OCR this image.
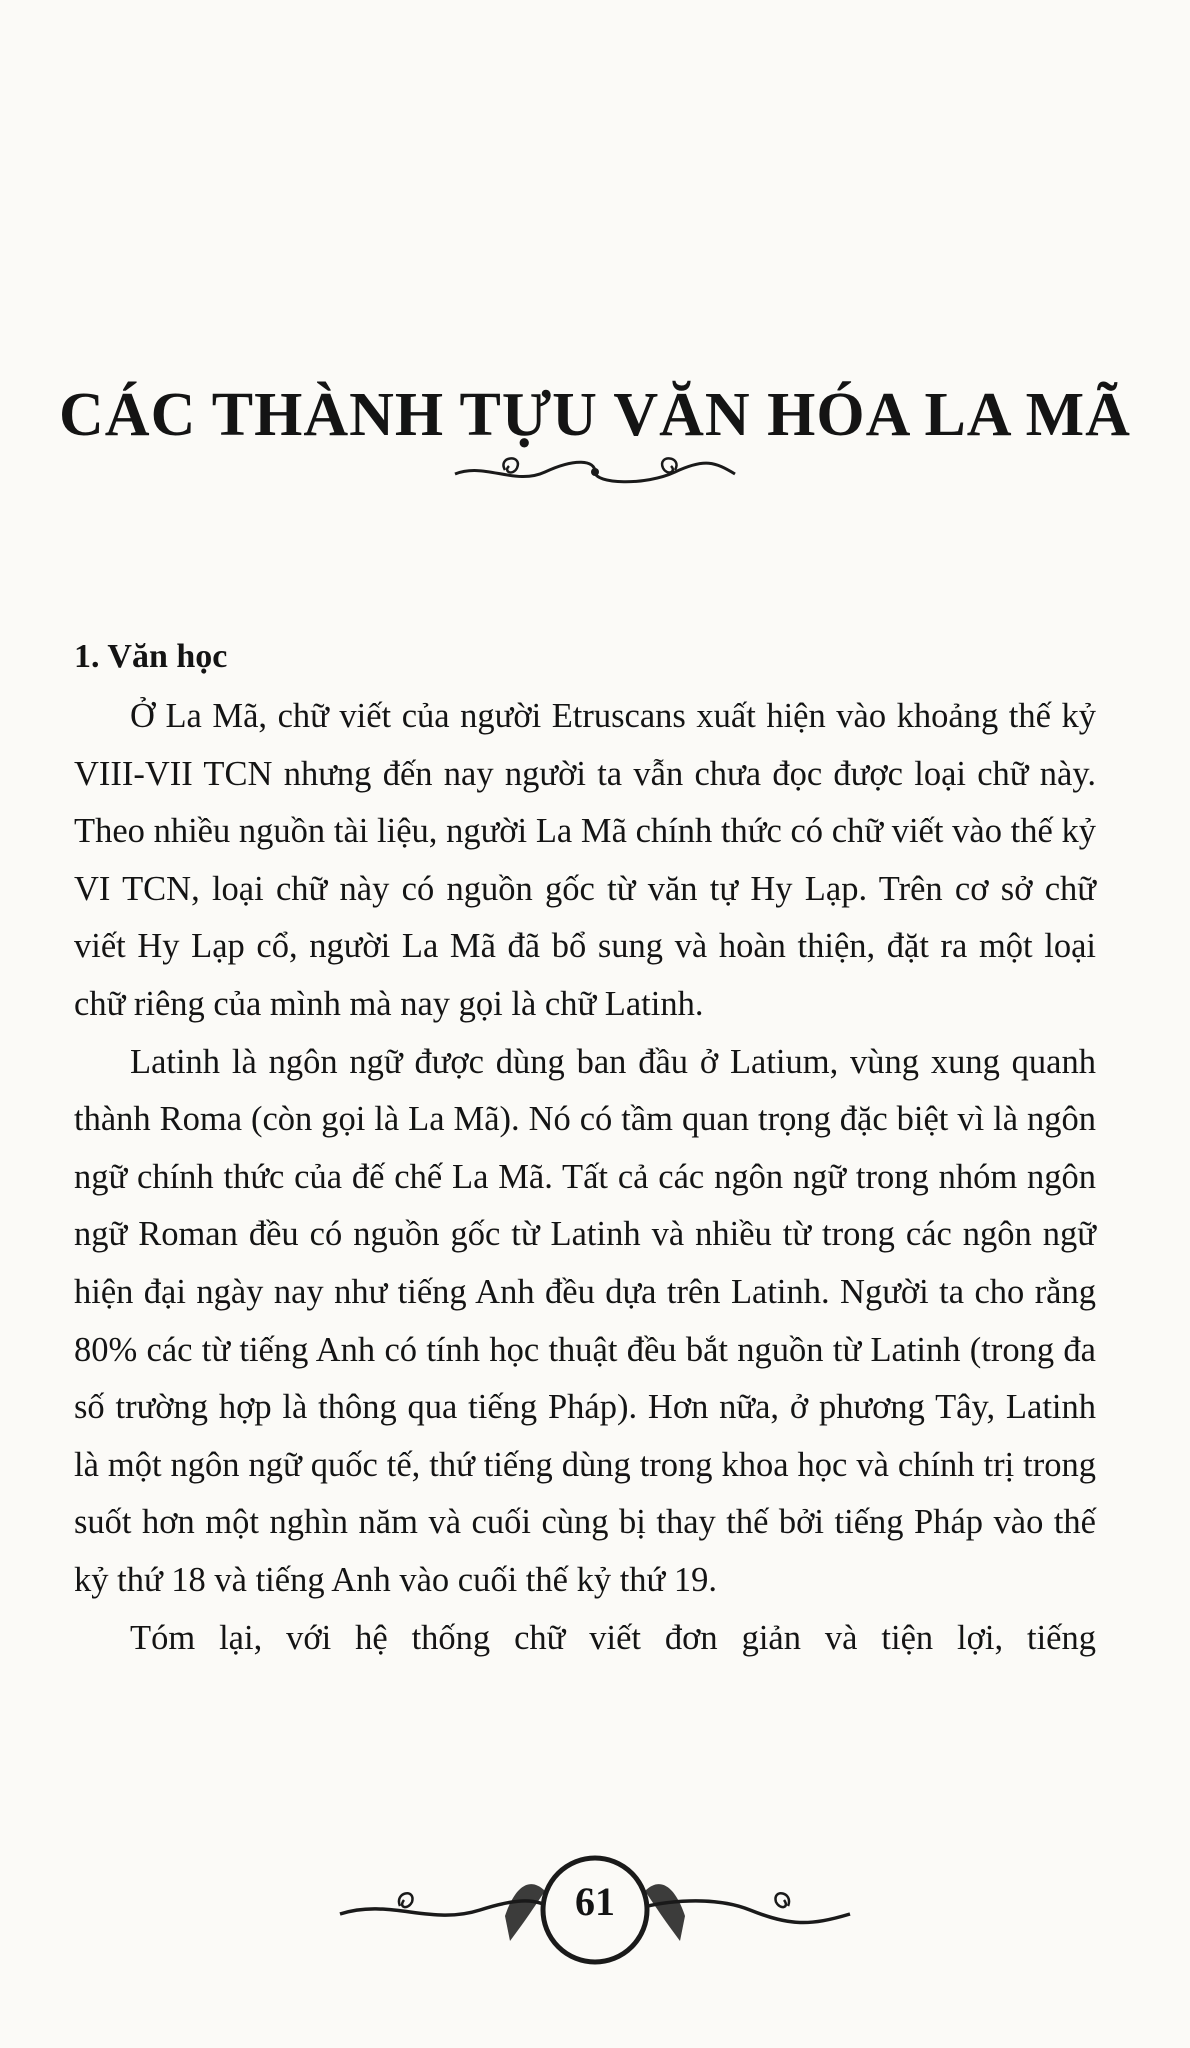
CÁC THÀNH TỰU VĂN HÓA LA MÃ
1. Văn học

Ở La Mã, chữ viết của người Etruscans xuất hiện vào khoảng thế kỷ VIII-VII TCN nhưng đến nay người ta vẫn chưa đọc được loại chữ này. Theo nhiều nguồn tài liệu, người La Mã chính thức có chữ viết vào thế kỷ VI TCN, loại chữ này có nguồn gốc từ văn tự Hy Lạp. Trên cơ sở chữ viết Hy Lạp cổ, người La Mã đã bổ sung và hoàn thiện, đặt ra một loại chữ riêng của mình mà nay gọi là chữ Latinh.

Latinh là ngôn ngữ được dùng ban đầu ở Latium, vùng xung quanh thành Roma (còn gọi là La Mã). Nó có tầm quan trọng đặc biệt vì là ngôn ngữ chính thức của đế chế La Mã. Tất cả các ngôn ngữ trong nhóm ngôn ngữ Roman đều có nguồn gốc từ Latinh và nhiều từ trong các ngôn ngữ hiện đại ngày nay như tiếng Anh đều dựa trên Latinh. Người ta cho rằng 80% các từ tiếng Anh có tính học thuật đều bắt nguồn từ Latinh (trong đa số trường hợp là thông qua tiếng Pháp). Hơn nữa, ở phương Tây, Latinh là một ngôn ngữ quốc tế, thứ tiếng dùng trong khoa học và chính trị trong suốt hơn một nghìn năm và cuối cùng bị thay thế bởi tiếng Pháp vào thế kỷ thứ 18 và tiếng Anh vào cuối thế kỷ thứ 19.

Tóm lại, với hệ thống chữ viết đơn giản và tiện lợi, tiếng

61
